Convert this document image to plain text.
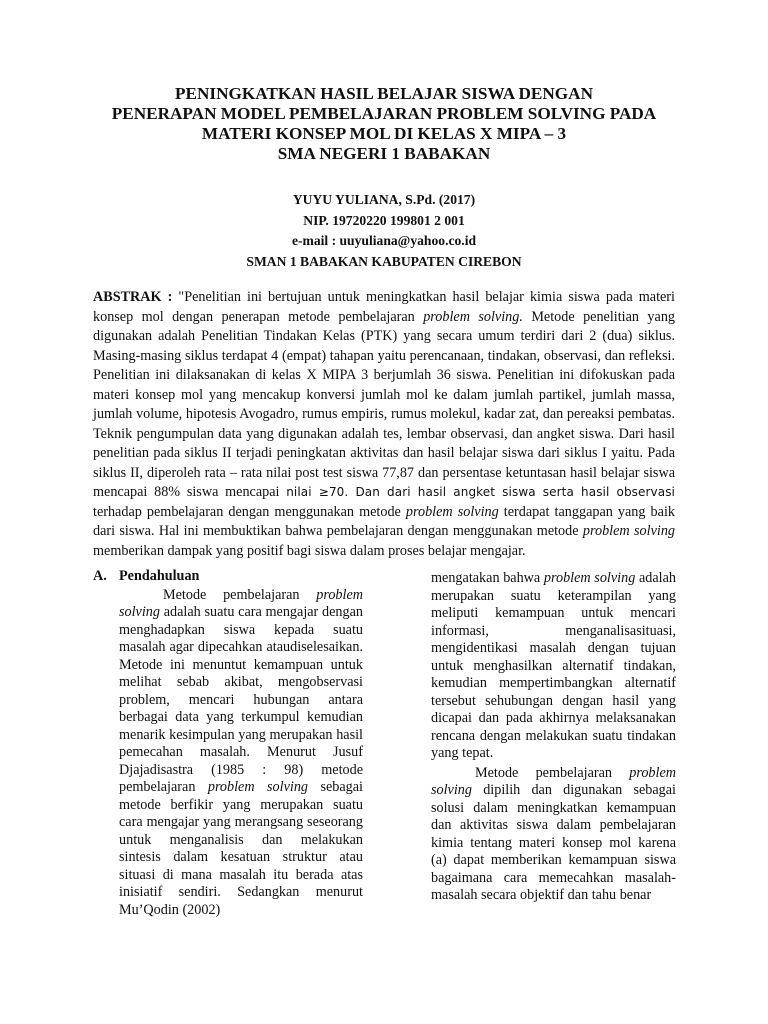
PENINGKATKAN HASIL BELAJAR SISWA DENGAN
PENERAPAN MODEL PEMBELAJARAN PROBLEM SOLVING PADA
MATERI KONSEP MOL DI KELAS X MIPA – 3
SMA NEGERI 1 BABAKAN
YUYU YULIANA, S.Pd. (2017)
NIP. 19720220 199801 2 001
e-mail : uuyuliana@yahoo.co.id
SMAN 1 BABAKAN KABUPATEN CIREBON
ABSTRAK : "Penelitian ini bertujuan untuk meningkatkan hasil belajar kimia siswa pada materi konsep mol dengan penerapan metode pembelajaran problem solving. Metode penelitian yang digunakan adalah Penelitian Tindakan Kelas (PTK) yang secara umum terdiri dari 2 (dua) siklus. Masing-masing siklus terdapat 4 (empat) tahapan yaitu perencanaan, tindakan, observasi, dan refleksi. Penelitian ini dilaksanakan di kelas X MIPA 3 berjumlah 36 siswa. Penelitian ini difokuskan pada materi konsep mol yang mencakup konversi jumlah mol ke dalam jumlah partikel, jumlah massa, jumlah volume, hipotesis Avogadro, rumus empiris, rumus molekul, kadar zat, dan pereaksi pembatas. Teknik pengumpulan data yang digunakan adalah tes, lembar observasi, dan angket siswa. Dari hasil penelitian pada siklus II terjadi peningkatan aktivitas dan hasil belajar siswa dari siklus I yaitu. Pada siklus II, diperoleh rata – rata nilai post test siswa 77,87 dan persentase ketuntasan hasil belajar siswa mencapai 88% siswa mencapai nilai ≥70. Dan dari hasil angket siswa serta hasil observasi terhadap pembelajaran dengan menggunakan metode problem solving terdapat tanggapan yang baik dari siswa. Hal ini membuktikan bahwa pembelajaran dengan menggunakan metode problem solving memberikan dampak yang positif bagi siswa dalam proses belajar mengajar.
A. Pendahuluan

Metode pembelajaran problem solving adalah suatu cara mengajar dengan menghadapkan siswa kepada suatu masalah agar dipecahkan ataudiselesaikan. Metode ini menuntut kemampuan untuk melihat sebab akibat, mengobservasi problem, mencari hubungan antara berbagai data yang terkumpul kemudian menarik kesimpulan yang merupakan hasil pemecahan masalah. Menurut Jusuf Djajadisastra (1985 : 98) metode pembelajaran problem solving sebagai metode berfikir yang merupakan suatu cara mengajar yang merangsang seseorang untuk menganalisis dan melakukan sintesis dalam kesatuan struktur atau situasi di mana masalah itu berada atas inisiatif sendiri. Sedangkan menurut Mu’Qodin (2002)

mengatakan bahwa problem solving adalah merupakan suatu keterampilan yang meliputi kemampuan untuk mencari informasi, menganalisasituasi, mengidentikasi masalah dengan tujuan untuk menghasilkan alternatif tindakan, kemudian mempertimbangkan alternatif tersebut sehubungan dengan hasil yang dicapai dan pada akhirnya melaksanakan rencana dengan melakukan suatu tindakan yang tepat.

Metode pembelajaran problem solving dipilih dan digunakan sebagai solusi dalam meningkatkan kemampuan dan aktivitas siswa dalam pembelajaran kimia tentang materi konsep mol karena (a) dapat memberikan kemampuan siswa bagaimana cara memecahkan masalah-masalah secara objektif dan tahu benar
